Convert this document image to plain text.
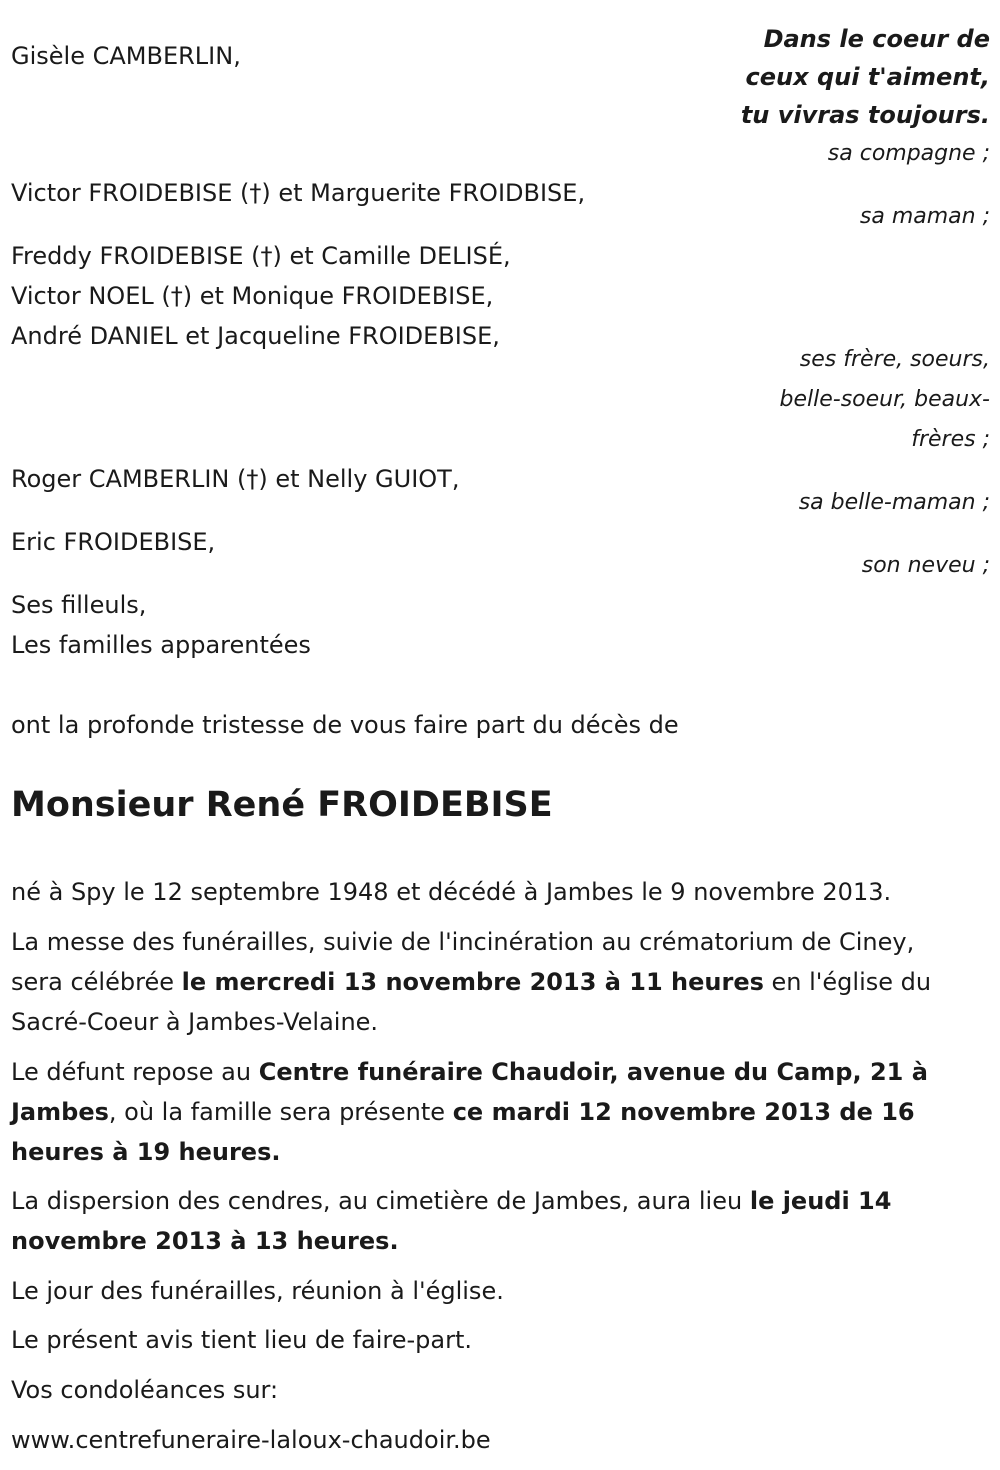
Dans le coeur de
ceux qui t'aiment,
tu vivras toujours.
Gisèle CAMBERLIN,
sa compagne ;
Victor FROIDEBISE (†) et Marguerite FROIDBISE,
sa maman ;
Freddy FROIDEBISE (†) et Camille DELISÉ,
Victor NOEL (†) et Monique FROIDEBISE,
André DANIEL et Jacqueline FROIDEBISE,
ses frère, soeurs,
belle-soeur, beaux-
frères ;
Roger CAMBERLIN (†) et Nelly GUIOT,
sa belle-maman ;
Eric FROIDEBISE,
son neveu ;
Ses filleuls,
Les familles apparentées
ont la profonde tristesse de vous faire part du décès de
Monsieur René FROIDEBISE
né à Spy le 12 septembre 1948 et décédé à Jambes le 9 novembre 2013.
La messe des funérailles, suivie de l'incinération au crématorium de Ciney, sera célébrée le mercredi 13 novembre 2013 à 11 heures en l'église du Sacré-Coeur à Jambes-Velaine.
Le défunt repose au Centre funéraire Chaudoir, avenue du Camp, 21 à Jambes, où la famille sera présente ce mardi 12 novembre 2013 de 16 heures à 19 heures.
La dispersion des cendres, au cimetière de Jambes, aura lieu le jeudi 14 novembre 2013 à 13 heures.
Le jour des funérailles, réunion à l'église.
Le présent avis tient lieu de faire-part.
Vos condoléances sur:
www.centrefuneraire-laloux-chaudoir.be
